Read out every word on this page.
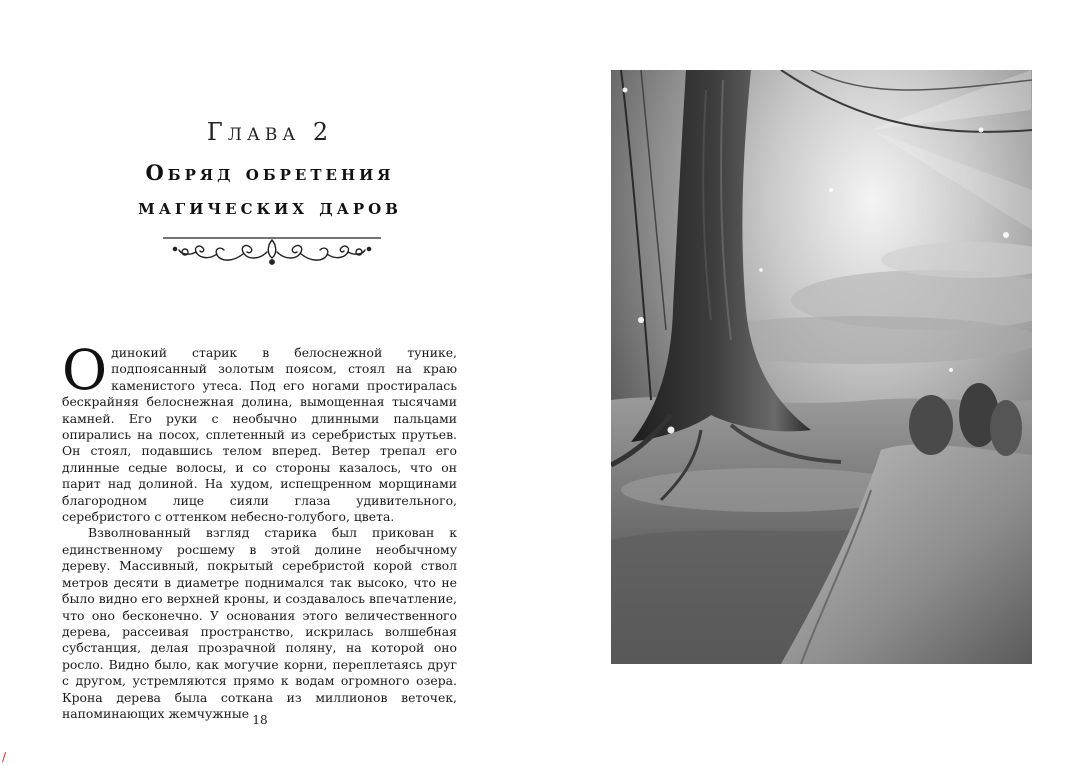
Глава 2
Обряд обретения
магических даров

Одинокий старик в белоснежной тунике, подпоясанный золотым поясом, стоял на краю каменистого утеса. Под его ногами простиралась бескрайняя белоснежная долина, вымощенная тысячами камней. Его руки с необычно длинными пальцами опирались на посох, сплетенный из серебристых прутьев. Он стоял, подавшись телом вперед. Ветер трепал его длинные седые волосы, и со стороны казалось, что он парит над долиной. На худом, испещренном морщинами благородном лице сияли глаза удивительного, серебристого с оттенком небесно-голубого, цвета.

Взволнованный взгляд старика был прикован к единственному росшему в этой долине необычному дереву. Массивный, покрытый серебристой корой ствол метров десяти в диаметре поднимался так высоко, что не было видно его верхней кроны, и создавалось впечатление, что оно бесконечно. У основания этого величественного дерева, рассеивая пространство, искрилась волшебная субстанция, делая прозрачной поляну, на которой оно росло. Видно было, как могучие корни, переплетаясь друг с другом, устремляются прямо к водам огромного озера. Крона дерева была соткана из миллионов веточек, напоминающих жемчужные 18
/
